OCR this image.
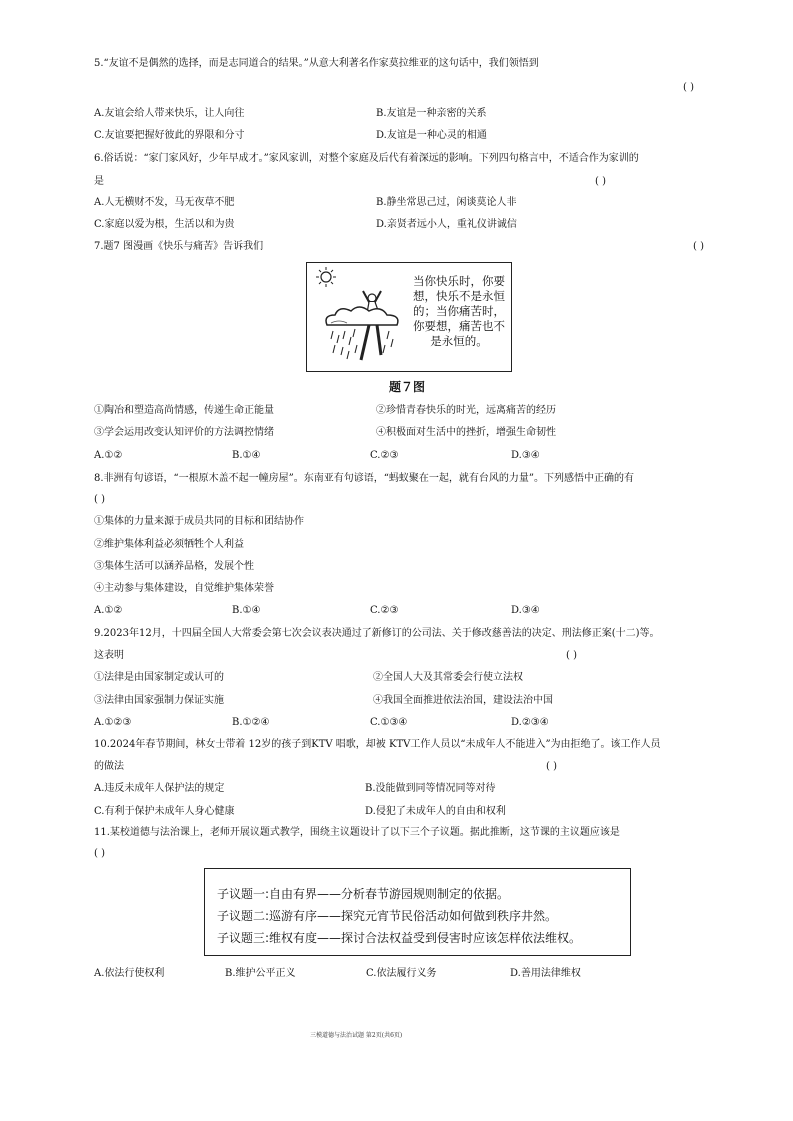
5.“友谊不是偶然的选择，而是志同道合的结果。”从意大利著名作家莫拉维亚的这句话中，我们领悟到
( )
A.友谊会给人带来快乐，让人向往	B.友谊是一种亲密的关系
C.友谊要把握好彼此的界限和分寸	D.友谊是一种心灵的相通
6.俗话说：“家门家风好，少年早成才。”家风家训，对整个家庭及后代有着深远的影响。下列四句格言中，不适合作为家训的
是	( )
A.人无横财不发，马无夜草不肥	B.静坐常思己过，闲谈莫论人非
C.家庭以爱为根，生活以和为贵	D.亲贤者远小人，重礼仪讲诚信
7.题7 图漫画《快乐与痛苦》告诉我们	( )
当你快乐时，你要想，快乐不是永恒的；当你痛苦时，你要想，痛苦也不是永恒的。
题７图
①陶冶和塑造高尚情感，传递生命正能量	②珍惜青春快乐的时光，远离痛苦的经历
③学会运用改变认知评价的方法调控情绪	④积极面对生活中的挫折，增强生命韧性
A.①②	B.①④	C.②③	D.③④
8.非洲有句谚语，“一根原木盖不起一幢房屋”。东南亚有句谚语，“蚂蚁聚在一起，就有台风的力量”。下列感悟中正确的有
( )
①集体的力量来源于成员共同的目标和团结协作
②维护集体利益必须牺牲个人利益
③集体生活可以涵养品格，发展个性
④主动参与集体建设，自觉维护集体荣誉
A.①②	B.①④	C.②③	D.③④
9.2023年12月，十四届全国人大常委会第七次会议表决通过了新修订的公司法、关于修改慈善法的决定、刑法修正案(十二)等。
这表明	( )
①法律是由国家制定或认可的	②全国人大及其常委会行使立法权
③法律由国家强制力保证实施	④我国全面推进依法治国，建设法治中国
A.①②③	B.①②④	C.①③④	D.②③④
10.2024年春节期间，林女士带着 12岁的孩子到KTV 唱歌，却被 KTV工作人员以“未成年人不能进入”为由拒绝了。该工作人员
的做法	( )
A.违反未成年人保护法的规定	B.没能做到同等情况同等对待
C.有利于保护未成年人身心健康	D.侵犯了未成年人的自由和权利
11.某校道德与法治课上，老师开展议题式教学，围绕主议题设计了以下三个子议题。据此推断，这节课的主议题应该是
( )
子议题一:自由有界——分析春节游园规则制定的依据。
子议题二:巡游有序——探究元宵节民俗活动如何做到秩序井然。
子议题三:维权有度——探讨合法权益受到侵害时应该怎样依法维权。
A.依法行使权利	B.维护公平正义	C.依法履行义务	D.善用法律维权
三模道德与法治试题 第2页(共6页)
